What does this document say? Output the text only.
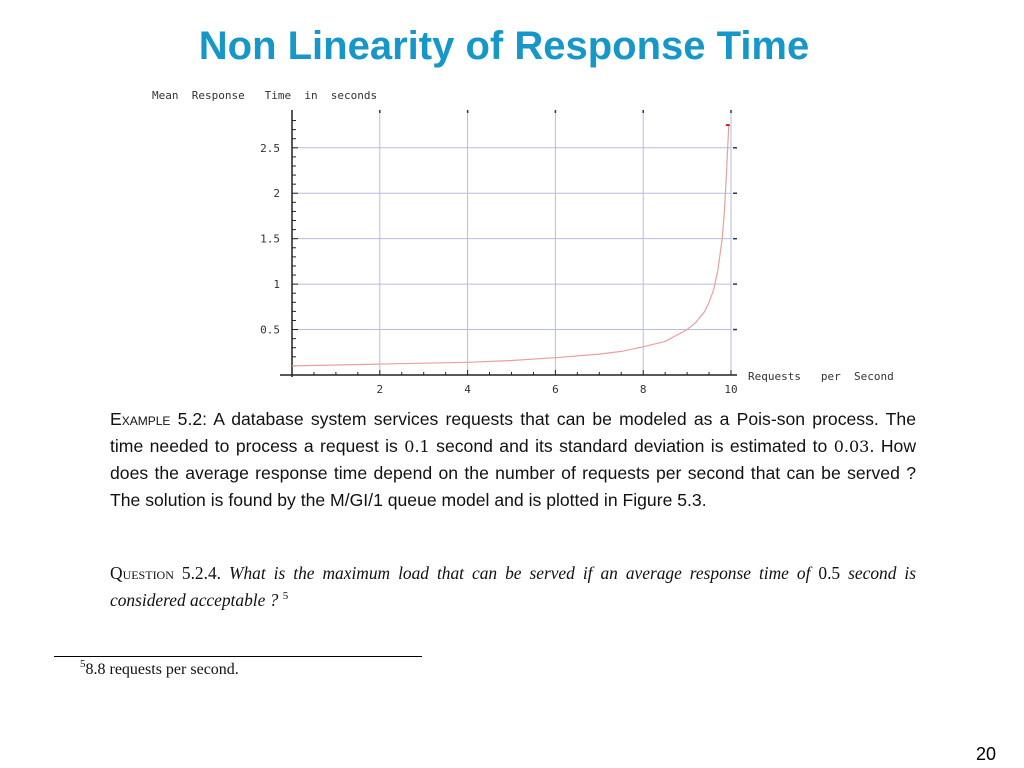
Non Linearity of Response Time
0.5
1
1.5
2
2.5
2	4	6	8	10
Mean  Response   Time  in  seconds
Requests   per  Second
Example 5.2: A database system services requests that can be modeled as a Pois-son process. The time needed to process a request is 0.1 second and its standard deviation is estimated to 0.03. How does the average response time depend on the number of requests per second that can be served ? The solution is found by the M/GI/1 queue model and is plotted in Figure 5.3.
Question 5.2.4. What is the maximum load that can be served if an average response time of 0.5 second is considered acceptable ? $^5$
$^5$8.8 requests per second.
20
